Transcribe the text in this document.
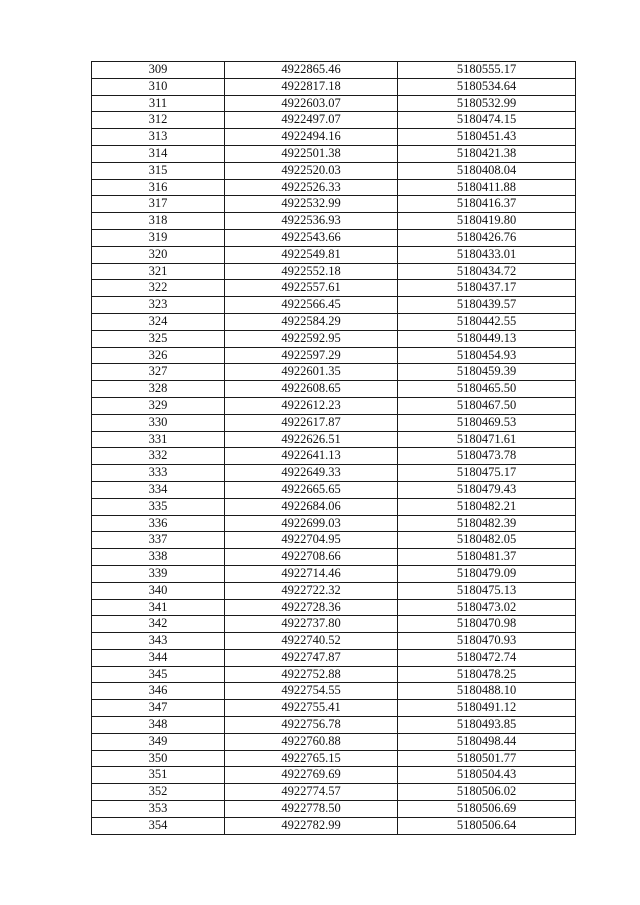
309	4922865.46	5180555.17
310	4922817.18	5180534.64
311	4922603.07	5180532.99
312	4922497.07	5180474.15
313	4922494.16	5180451.43
314	4922501.38	5180421.38
315	4922520.03	5180408.04
316	4922526.33	5180411.88
317	4922532.99	5180416.37
318	4922536.93	5180419.80
319	4922543.66	5180426.76
320	4922549.81	5180433.01
321	4922552.18	5180434.72
322	4922557.61	5180437.17
323	4922566.45	5180439.57
324	4922584.29	5180442.55
325	4922592.95	5180449.13
326	4922597.29	5180454.93
327	4922601.35	5180459.39
328	4922608.65	5180465.50
329	4922612.23	5180467.50
330	4922617.87	5180469.53
331	4922626.51	5180471.61
332	4922641.13	5180473.78
333	4922649.33	5180475.17
334	4922665.65	5180479.43
335	4922684.06	5180482.21
336	4922699.03	5180482.39
337	4922704.95	5180482.05
338	4922708.66	5180481.37
339	4922714.46	5180479.09
340	4922722.32	5180475.13
341	4922728.36	5180473.02
342	4922737.80	5180470.98
343	4922740.52	5180470.93
344	4922747.87	5180472.74
345	4922752.88	5180478.25
346	4922754.55	5180488.10
347	4922755.41	5180491.12
348	4922756.78	5180493.85
349	4922760.88	5180498.44
350	4922765.15	5180501.77
351	4922769.69	5180504.43
352	4922774.57	5180506.02
353	4922778.50	5180506.69
354	4922782.99	5180506.64
